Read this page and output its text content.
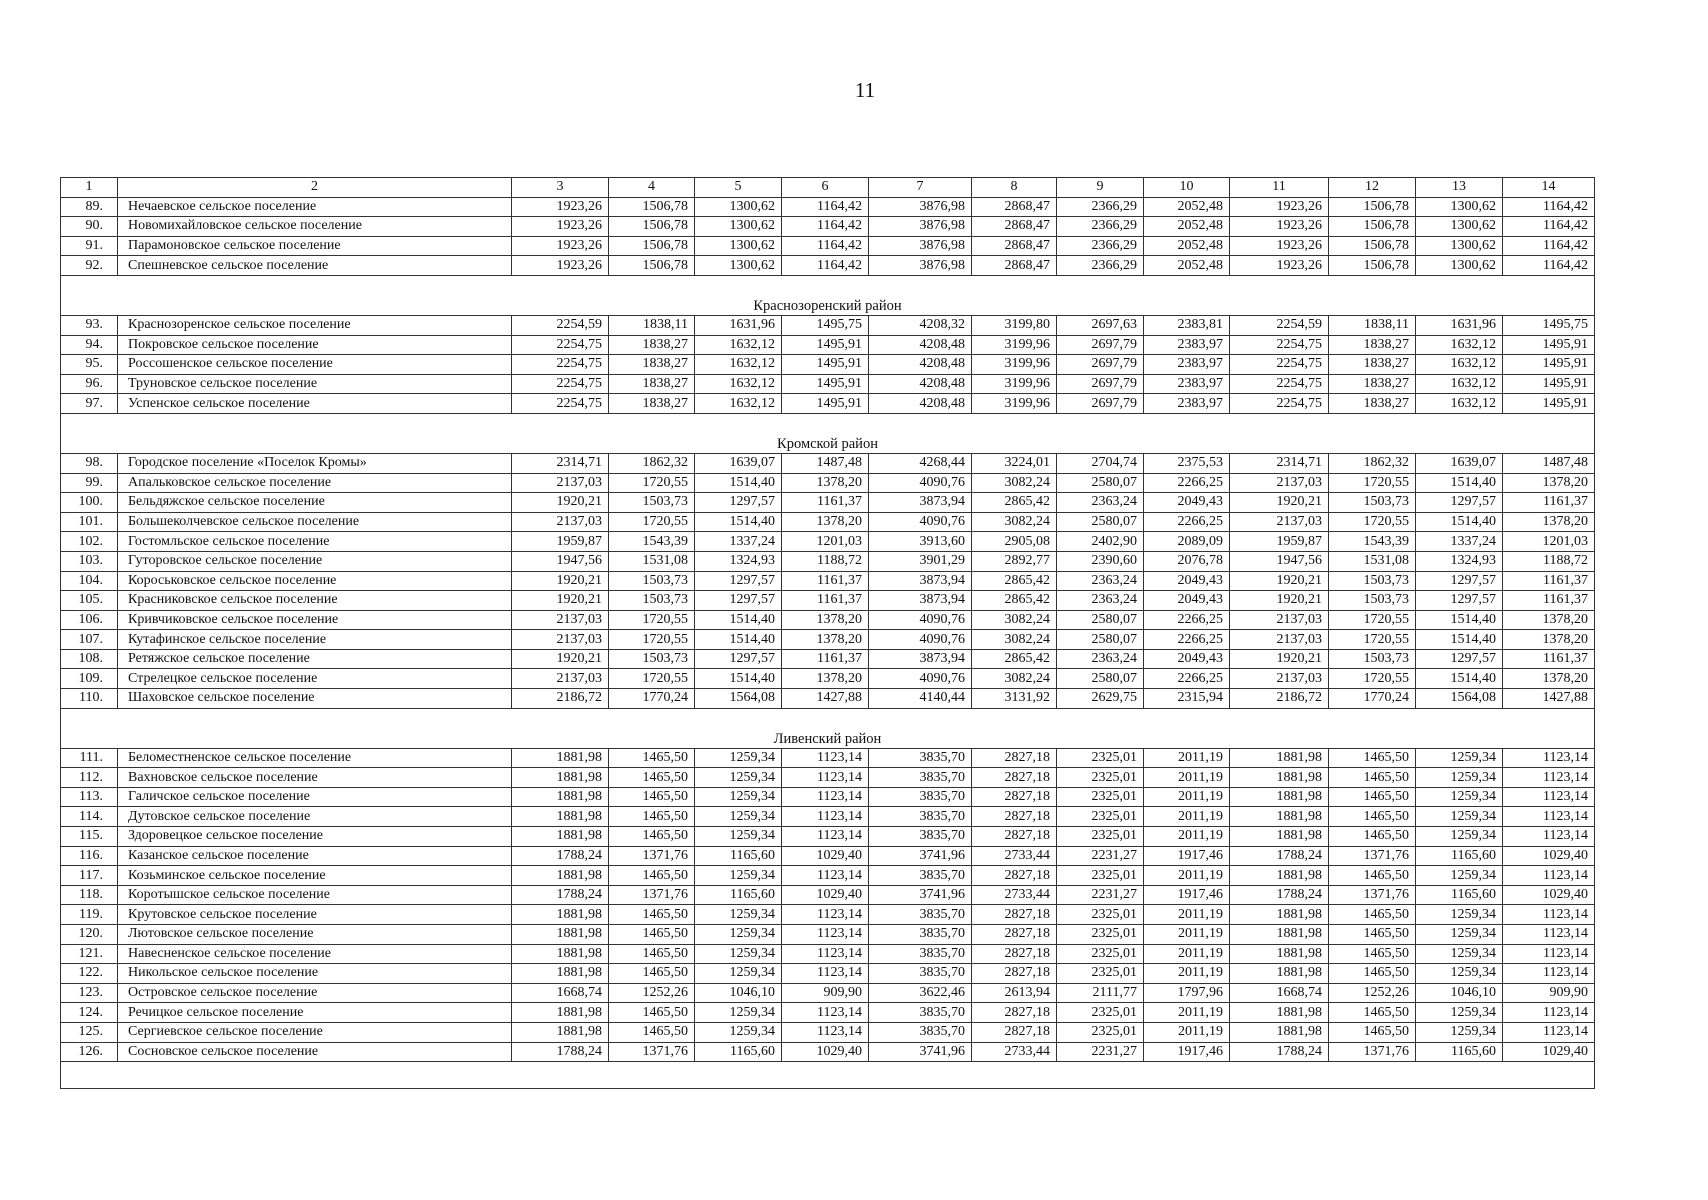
11
1	2	3	4	5	6	7	8	9	10	11	12	13	14
89.	Нечаевское сельское поселение	1923,26	1506,78	1300,62	1164,42	3876,98	2868,47	2366,29	2052,48	1923,26	1506,78	1300,62	1164,42
90.	Новомихайловское сельское поселение	1923,26	1506,78	1300,62	1164,42	3876,98	2868,47	2366,29	2052,48	1923,26	1506,78	1300,62	1164,42
91.	Парамоновское сельское поселение	1923,26	1506,78	1300,62	1164,42	3876,98	2868,47	2366,29	2052,48	1923,26	1506,78	1300,62	1164,42
92.	Спешневское сельское поселение	1923,26	1506,78	1300,62	1164,42	3876,98	2868,47	2366,29	2052,48	1923,26	1506,78	1300,62	1164,42
Краснозоренский район													
93.	Краснозоренское сельское поселение	2254,59	1838,11	1631,96	1495,75	4208,32	3199,80	2697,63	2383,81	2254,59	1838,11	1631,96	1495,75
94.	Покровское сельское поселение	2254,75	1838,27	1632,12	1495,91	4208,48	3199,96	2697,79	2383,97	2254,75	1838,27	1632,12	1495,91
95.	Россошенское сельское поселение	2254,75	1838,27	1632,12	1495,91	4208,48	3199,96	2697,79	2383,97	2254,75	1838,27	1632,12	1495,91
96.	Труновское сельское поселение	2254,75	1838,27	1632,12	1495,91	4208,48	3199,96	2697,79	2383,97	2254,75	1838,27	1632,12	1495,91
97.	Успенское сельское поселение	2254,75	1838,27	1632,12	1495,91	4208,48	3199,96	2697,79	2383,97	2254,75	1838,27	1632,12	1495,91
Кромской район													
98.	Городское поселение «Поселок Кромы»	2314,71	1862,32	1639,07	1487,48	4268,44	3224,01	2704,74	2375,53	2314,71	1862,32	1639,07	1487,48
99.	Апальковское сельское поселение	2137,03	1720,55	1514,40	1378,20	4090,76	3082,24	2580,07	2266,25	2137,03	1720,55	1514,40	1378,20
100.	Бельдяжское сельское поселение	1920,21	1503,73	1297,57	1161,37	3873,94	2865,42	2363,24	2049,43	1920,21	1503,73	1297,57	1161,37
101.	Большеколчевское сельское поселение	2137,03	1720,55	1514,40	1378,20	4090,76	3082,24	2580,07	2266,25	2137,03	1720,55	1514,40	1378,20
102.	Гостомльское сельское поселение	1959,87	1543,39	1337,24	1201,03	3913,60	2905,08	2402,90	2089,09	1959,87	1543,39	1337,24	1201,03
103.	Гуторовское сельское поселение	1947,56	1531,08	1324,93	1188,72	3901,29	2892,77	2390,60	2076,78	1947,56	1531,08	1324,93	1188,72
104.	Короськовское сельское поселение	1920,21	1503,73	1297,57	1161,37	3873,94	2865,42	2363,24	2049,43	1920,21	1503,73	1297,57	1161,37
105.	Красниковское сельское поселение	1920,21	1503,73	1297,57	1161,37	3873,94	2865,42	2363,24	2049,43	1920,21	1503,73	1297,57	1161,37
106.	Кривчиковское сельское поселение	2137,03	1720,55	1514,40	1378,20	4090,76	3082,24	2580,07	2266,25	2137,03	1720,55	1514,40	1378,20
107.	Кутафинское сельское поселение	2137,03	1720,55	1514,40	1378,20	4090,76	3082,24	2580,07	2266,25	2137,03	1720,55	1514,40	1378,20
108.	Ретяжское сельское поселение	1920,21	1503,73	1297,57	1161,37	3873,94	2865,42	2363,24	2049,43	1920,21	1503,73	1297,57	1161,37
109.	Стрелецкое сельское поселение	2137,03	1720,55	1514,40	1378,20	4090,76	3082,24	2580,07	2266,25	2137,03	1720,55	1514,40	1378,20
110.	Шаховское сельское поселение	2186,72	1770,24	1564,08	1427,88	4140,44	3131,92	2629,75	2315,94	2186,72	1770,24	1564,08	1427,88
Ливенский район													
111.	Беломестненское сельское поселение	1881,98	1465,50	1259,34	1123,14	3835,70	2827,18	2325,01	2011,19	1881,98	1465,50	1259,34	1123,14
112.	Вахновское сельское поселение	1881,98	1465,50	1259,34	1123,14	3835,70	2827,18	2325,01	2011,19	1881,98	1465,50	1259,34	1123,14
113.	Галичское сельское поселение	1881,98	1465,50	1259,34	1123,14	3835,70	2827,18	2325,01	2011,19	1881,98	1465,50	1259,34	1123,14
114.	Дутовское сельское поселение	1881,98	1465,50	1259,34	1123,14	3835,70	2827,18	2325,01	2011,19	1881,98	1465,50	1259,34	1123,14
115.	Здоровецкое сельское поселение	1881,98	1465,50	1259,34	1123,14	3835,70	2827,18	2325,01	2011,19	1881,98	1465,50	1259,34	1123,14
116.	Казанское сельское поселение	1788,24	1371,76	1165,60	1029,40	3741,96	2733,44	2231,27	1917,46	1788,24	1371,76	1165,60	1029,40
117.	Козьминское сельское поселение	1881,98	1465,50	1259,34	1123,14	3835,70	2827,18	2325,01	2011,19	1881,98	1465,50	1259,34	1123,14
118.	Коротышское сельское поселение	1788,24	1371,76	1165,60	1029,40	3741,96	2733,44	2231,27	1917,46	1788,24	1371,76	1165,60	1029,40
119.	Крутовское сельское поселение	1881,98	1465,50	1259,34	1123,14	3835,70	2827,18	2325,01	2011,19	1881,98	1465,50	1259,34	1123,14
120.	Лютовское сельское поселение	1881,98	1465,50	1259,34	1123,14	3835,70	2827,18	2325,01	2011,19	1881,98	1465,50	1259,34	1123,14
121.	Навесненское сельское поселение	1881,98	1465,50	1259,34	1123,14	3835,70	2827,18	2325,01	2011,19	1881,98	1465,50	1259,34	1123,14
122.	Никольское сельское поселение	1881,98	1465,50	1259,34	1123,14	3835,70	2827,18	2325,01	2011,19	1881,98	1465,50	1259,34	1123,14
123.	Островское сельское поселение	1668,74	1252,26	1046,10	909,90	3622,46	2613,94	2111,77	1797,96	1668,74	1252,26	1046,10	909,90
124.	Речицкое сельское поселение	1881,98	1465,50	1259,34	1123,14	3835,70	2827,18	2325,01	2011,19	1881,98	1465,50	1259,34	1123,14
125.	Сергиевское сельское поселение	1881,98	1465,50	1259,34	1123,14	3835,70	2827,18	2325,01	2011,19	1881,98	1465,50	1259,34	1123,14
126.	Сосновское сельское поселение	1788,24	1371,76	1165,60	1029,40	3741,96	2733,44	2231,27	1917,46	1788,24	1371,76	1165,60	1029,40
